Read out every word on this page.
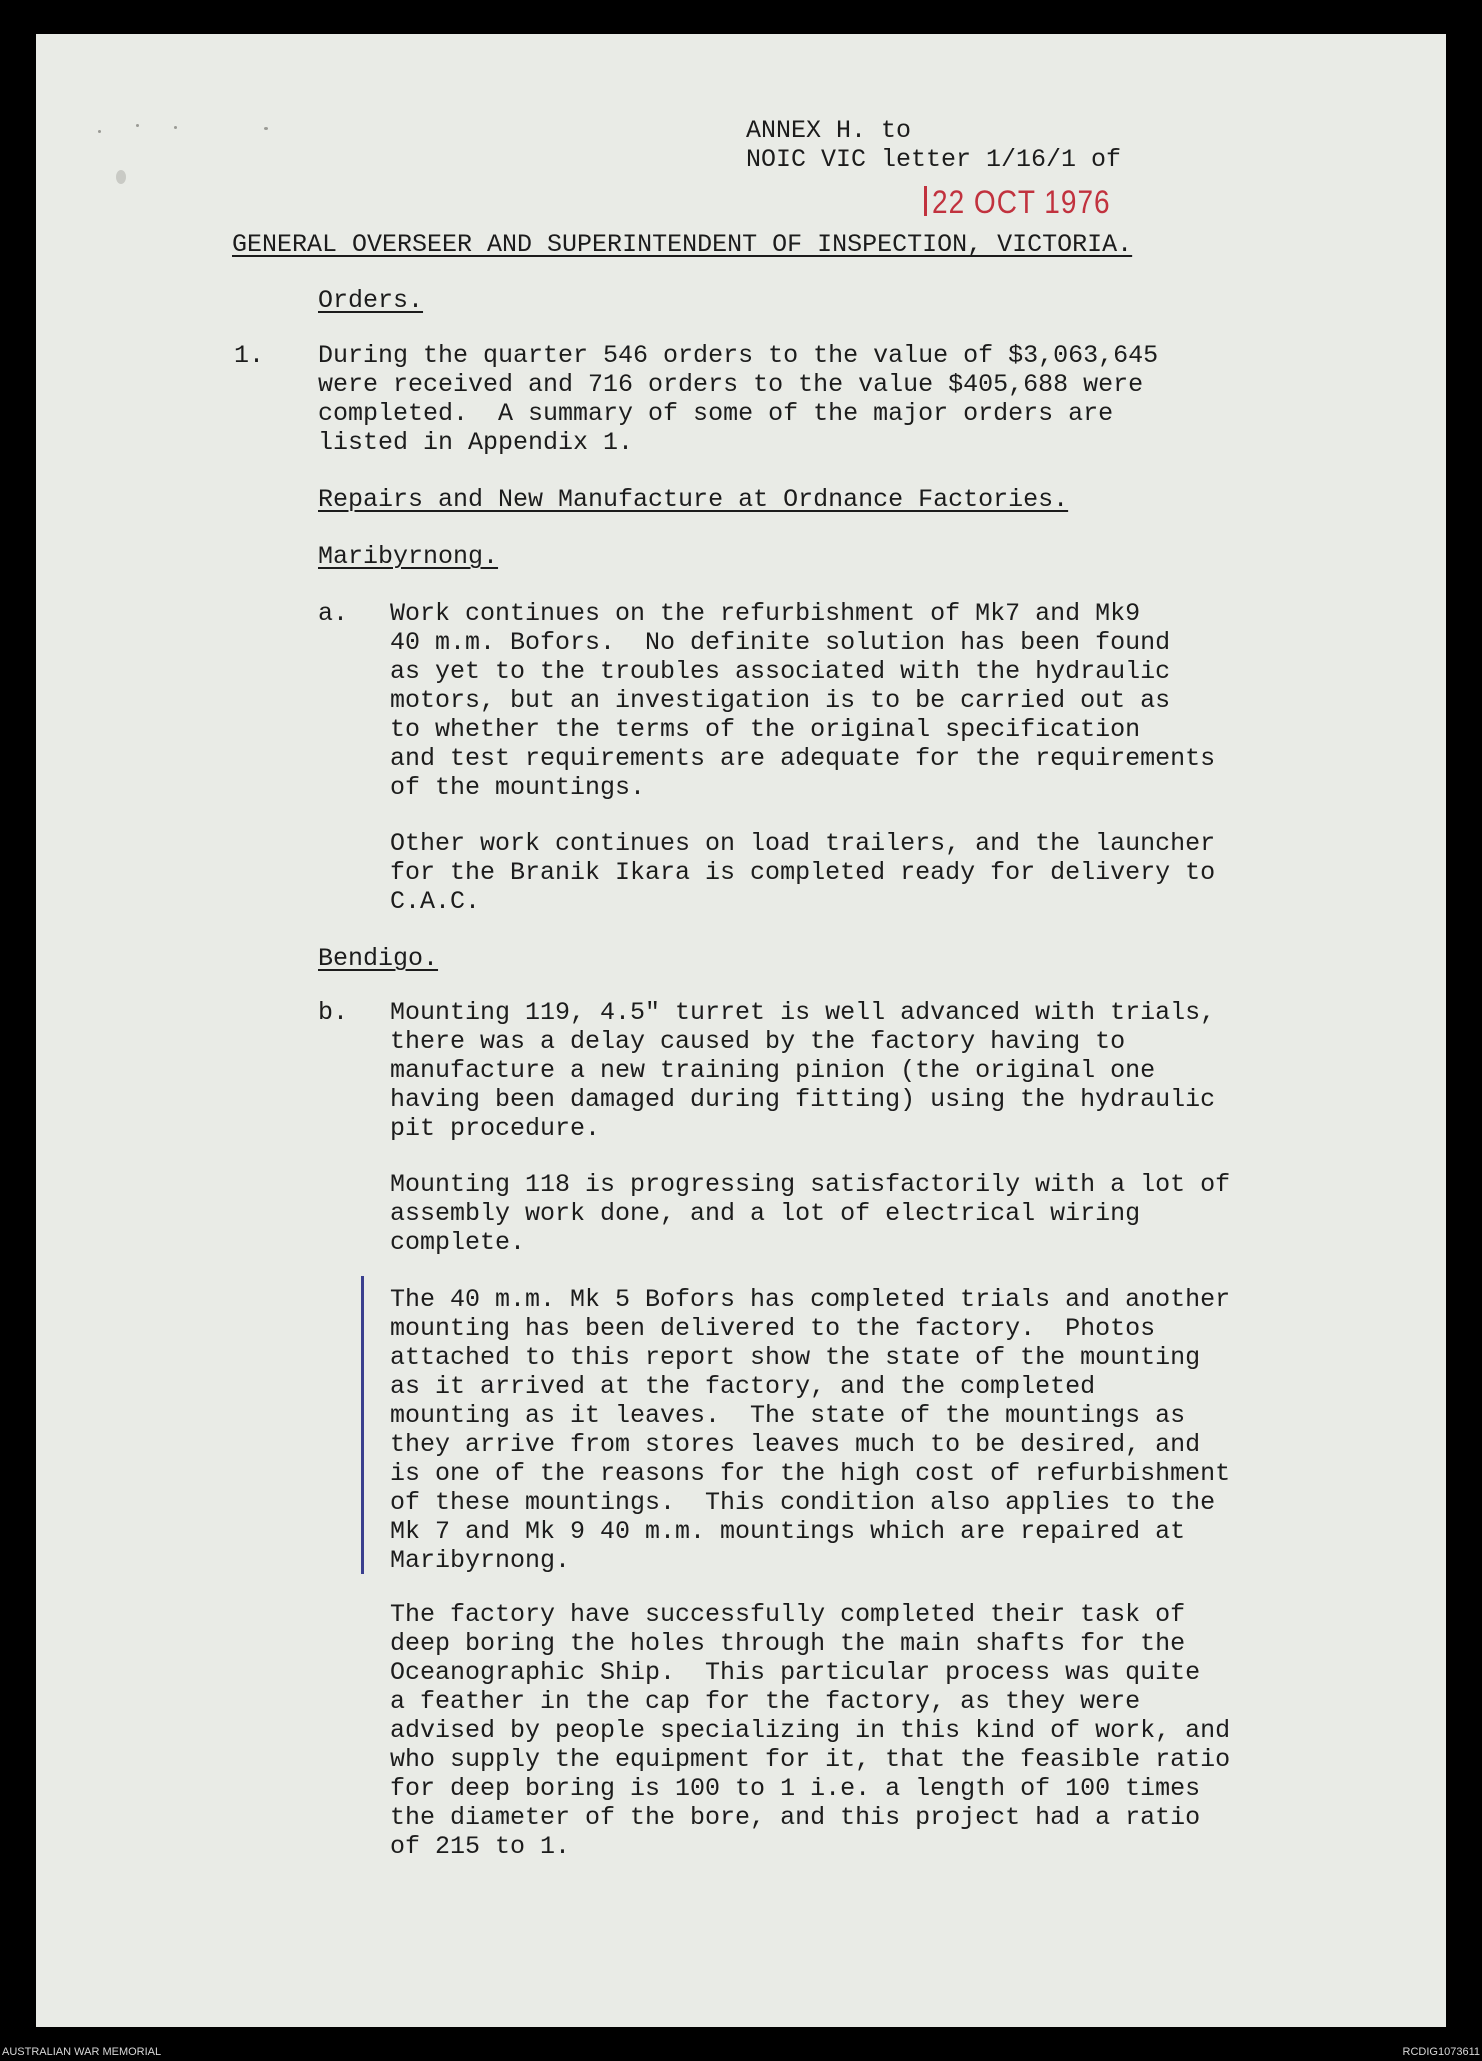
ANNEX H. to

NOIC VIC letter 1/16/1 of

22 OCT 1976

GENERAL OVERSEER AND SUPERINTENDENT OF INSPECTION, VICTORIA.

Orders.

1. During the quarter 546 orders to the value of $3,063,645

were received and 716 orders to the value $405,688 were

completed.  A summary of some of the major orders are

listed in Appendix 1.

Repairs and New Manufacture at Ordnance Factories.

Maribyrnong.

a. Work continues on the refurbishment of Mk7 and Mk9

40 m.m. Bofors.  No definite solution has been found

as yet to the troubles associated with the hydraulic

motors, but an investigation is to be carried out as

to whether the terms of the original specification

and test requirements are adequate for the requirements

of the mountings.

Other work continues on load trailers, and the launcher

for the Branik Ikara is completed ready for delivery to

C.A.C.

Bendigo.

b. Mounting 119, 4.5" turret is well advanced with trials,

there was a delay caused by the factory having to

manufacture a new training pinion (the original one

having been damaged during fitting) using the hydraulic

pit procedure.

Mounting 118 is progressing satisfactorily with a lot of

assembly work done, and a lot of electrical wiring

complete.

The 40 m.m. Mk 5 Bofors has completed trials and another

mounting has been delivered to the factory.  Photos

attached to this report show the state of the mounting

as it arrived at the factory, and the completed

mounting as it leaves.  The state of the mountings as

they arrive from stores leaves much to be desired, and

is one of the reasons for the high cost of refurbishment

of these mountings.  This condition also applies to the

Mk 7 and Mk 9 40 m.m. mountings which are repaired at

Maribyrnong.

The factory have successfully completed their task of

deep boring the holes through the main shafts for the

Oceanographic Ship.  This particular process was quite

a feather in the cap for the factory, as they were

advised by people specializing in this kind of work, and

who supply the equipment for it, that the feasible ratio

for deep boring is 100 to 1 i.e. a length of 100 times

the diameter of the bore, and this project had a ratio

of 215 to 1.

AUSTRALIAN WAR MEMORIAL	RCDIG1073611
